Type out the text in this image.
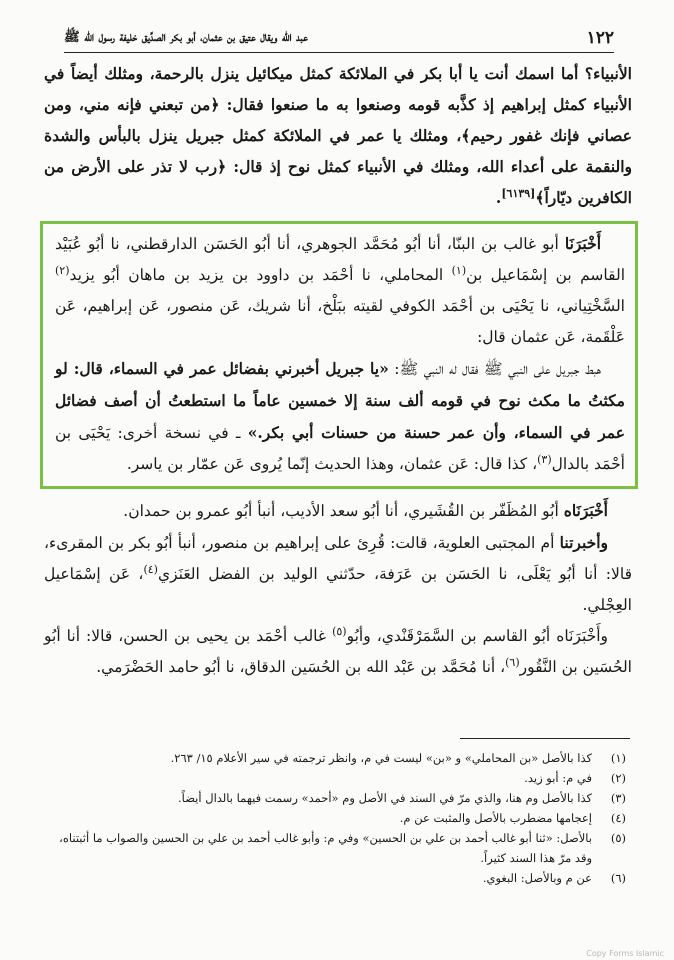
١٢٢
عبد الله ويقال عتيق بن عثمان، أبو بكر الصدِّيق خليفة رسول الله ﷺ

الأنبياء؟ أما اسمك أنت يا أبا بكر في الملائكة كمثل ميكائيل ينزل بالرحمة، ومثلك أيضاً في الأنبياء كمثل إبراهيم إذ كذَّبه قومه وصنعوا به ما صنعوا فقال: ﴿من تبعني فإنه مني، ومن عصاني فإنك غفور رحيم﴾، ومثلك يا عمر في الملائكة كمثل جبريل ينزل بالبأس والشدة والنقمة على أعداء الله، ومثلك في الأنبياء كمثل نوح إذ قال: ﴿رب لا تذر على الأرض من الكافرين ديّاراً﴾[٦١٣٩].

أَخْبَرَنَا أبو غالب بن البنّا، أنا أبُو مُحَمَّد الجوهري، أنا أبُو الحَسَن الدارقطني، نا أبُو عُبَيْد القاسم بن إسْمَاعيل بن$^{(١)}$ المحاملي، نا أحْمَد بن داوود بن يزيد بن ماهان أبُو يزيد$^{(٢)}$ السَّخْتِياني، نا يَحْيَى بن أحْمَد الكوفي لقيته ببَلْخ، أنا شريك، عَن منصور، عَن إبراهيم، عَن عَلْقَمة، عَن عثمان قال:

هبط جبريل على النبي ﷺ فقال له النبي ﷺ: «يا جبريل أخبرني بفضائل عمر في السماء، قال: لو مكثتُ ما مكث نوح في قومه ألف سنة إلا خمسين عاماً ما استطعتُ أن أصف فضائل عمر في السماء، وأن عمر حسنة من حسنات أبي بكر.» ـ في نسخة أخرى: يَحْيَى بن أحْمَد بالدال$^{(٣)}$، كذا قال: عَن عثمان، وهذا الحديث إنّما يُروى عَن عمّار بن ياسر.

أَخْبَرَنَاه أبُو المُظَفّر بن القُشَيري، أنا أبُو سعد الأديب، أنبأ أبُو عمرو بن حمدان.

وأخبرتنا أم المجتبى العلوية، قالت: قُرِئ على إبراهيم بن منصور، أنبأ أبُو بكر بن المقرىء، قالا: أنا أبُو يَعْلَى، نا الحَسَن بن عَرَفة، حدّثني الوليد بن الفضل العَنَزي$^{(٤)}$، عَن إسْمَاعيل العِجْلي.

وأَخْبَرَنَاه أبُو القاسم بن السَّمَرْقَنْدي، وأبُو$^{(٥)}$ غالب أحْمَد بن يحيى بن الحسن، قالا: أنا أبُو الحُسَين بن النَّقُور$^{(٦)}$، أنا مُحَمَّد بن عَبْد الله بن الحُسَين الدقاق، نا أبُو حامد الحَضْرَمي.

(١)
كذا بالأصل «بن المحاملي» و «بن» ليست في م، وانظر ترجمته في سير الأعلام ١٥/ ٢٦٣.
(٢)
في م: أبو زيد.
(٣)
كذا بالأصل وم هنا، والذي مرّ في السند في الأصل وم «أحمد» رسمت فيهما بالدال أيضاً.
(٤)
إعجامها مضطرب بالأصل والمثبت عن م.
(٥)
بالأصل: «ثنا أبو غالب أحمد بن علي بن الحسين» وفي م: وأبو غالب أحمد بن علي بن الحسين والصواب ما أثبتناه، وقد مرّ هذا السند كثيراً.
(٦)
عن م وبالأصل: البغوي.
Copy Forms Islamic
